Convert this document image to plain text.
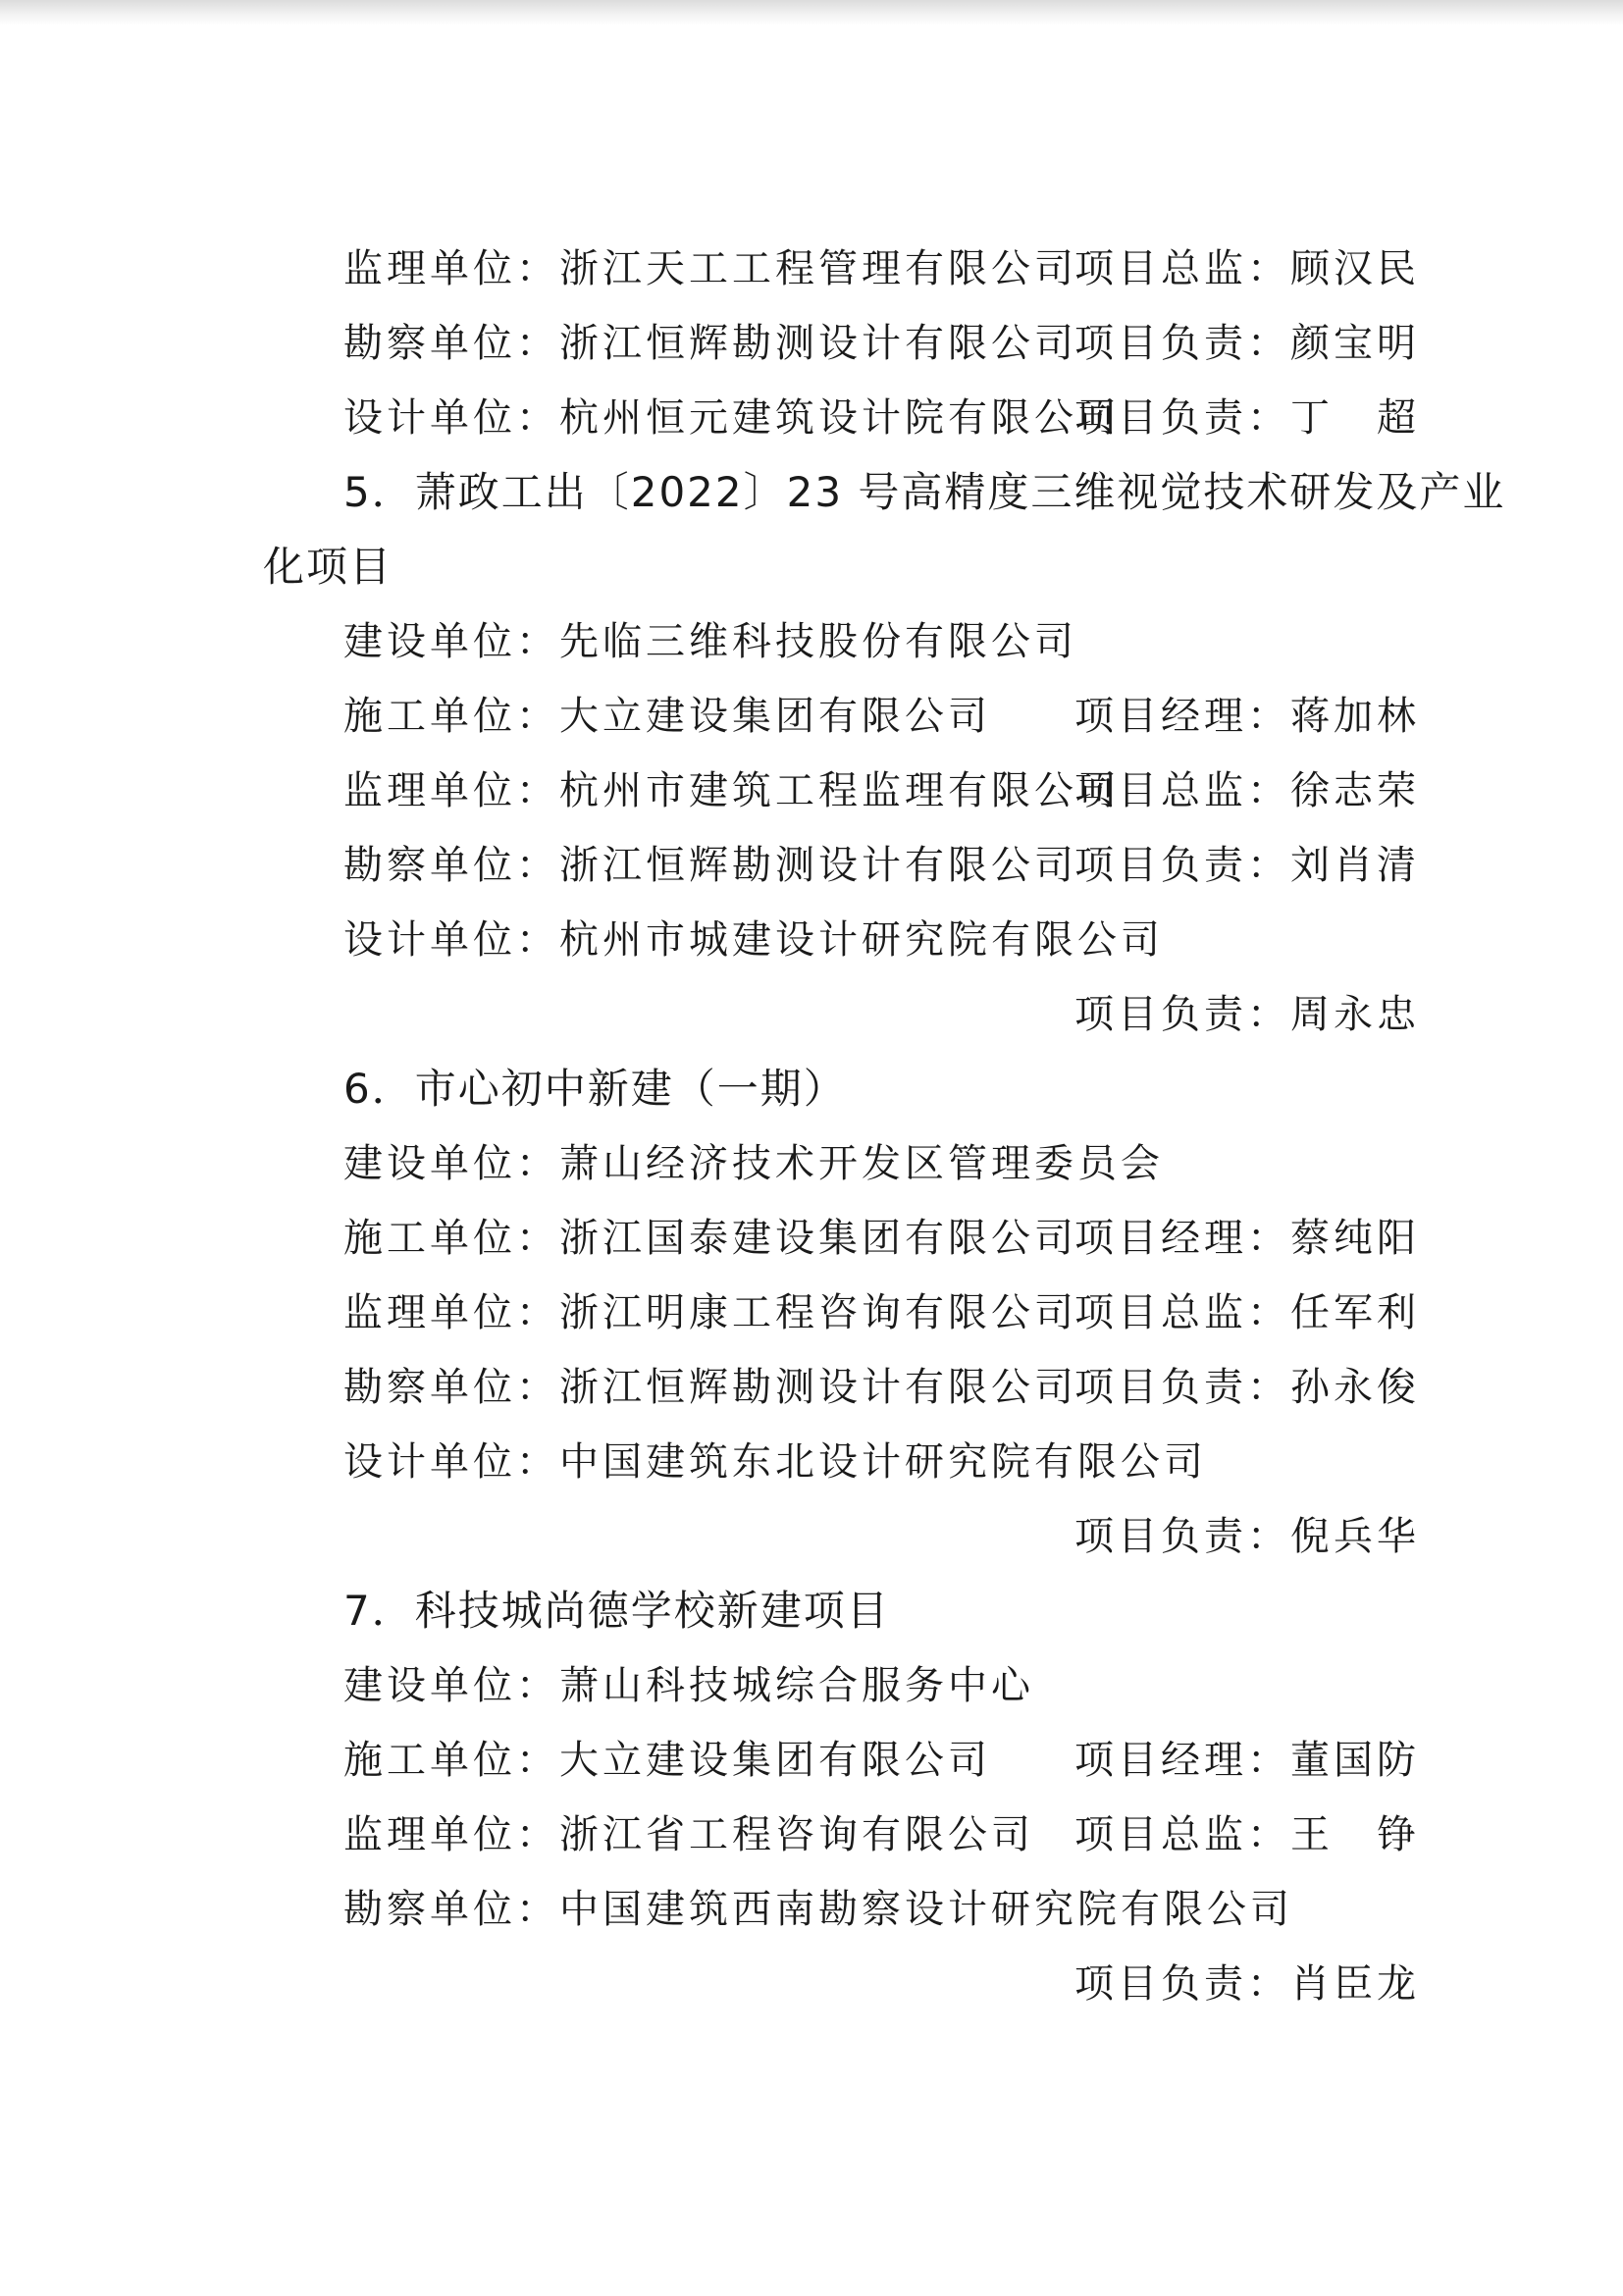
监理单位：浙江天工工程管理有限公司
项目总监：顾汉民
勘察单位：浙江恒辉勘测设计有限公司
项目负责：颜宝明
设计单位：杭州恒元建筑设计院有限公司
项目负责：丁　超
5．萧政工出〔2022〕23 号高精度三维视觉技术研发及产业
化项目
建设单位：先临三维科技股份有限公司
施工单位：大立建设集团有限公司 项目经理：蒋加林
监理单位：杭州市建筑工程监理有限公司
项目总监：徐志荣
勘察单位：浙江恒辉勘测设计有限公司
项目负责：刘肖清
设计单位：杭州市城建设计研究院有限公司
项目负责：周永忠
6．市心初中新建（一期）
建设单位：萧山经济技术开发区管理委员会
施工单位：浙江国泰建设集团有限公司
项目经理：蔡纯阳
监理单位：浙江明康工程咨询有限公司
项目总监：任军利
勘察单位：浙江恒辉勘测设计有限公司
项目负责：孙永俊
设计单位：中国建筑东北设计研究院有限公司
项目负责：倪兵华
7．科技城尚德学校新建项目
建设单位：萧山科技城综合服务中心
施工单位：大立建设集团有限公司 项目经理：董国防
监理单位：浙江省工程咨询有限公司 项目总监：王　铮
勘察单位：中国建筑西南勘察设计研究院有限公司
项目负责：肖臣龙
